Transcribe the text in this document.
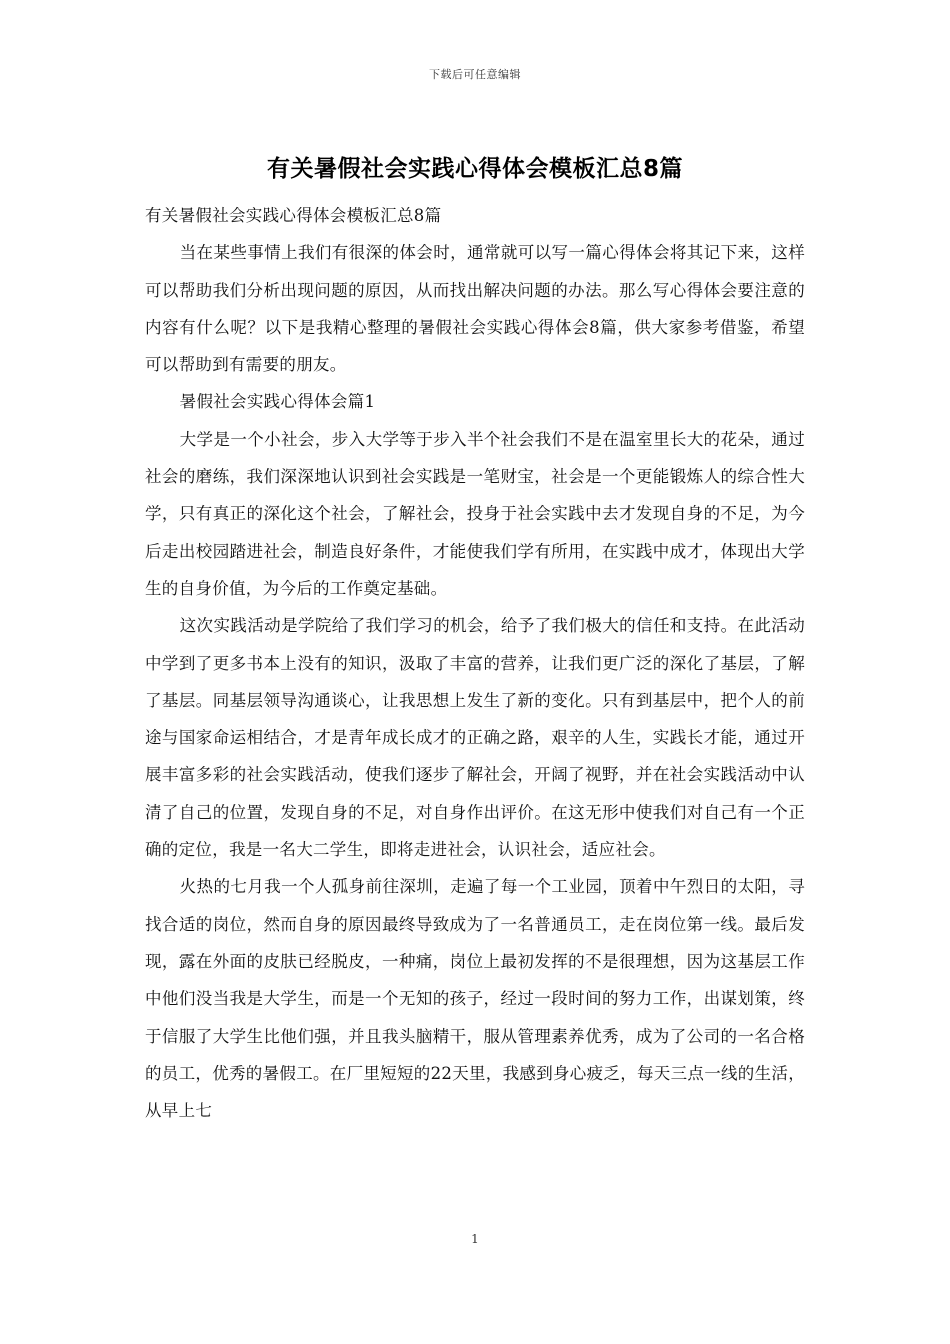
下载后可任意编辑
有关暑假社会实践心得体会模板汇总8篇

有关暑假社会实践心得体会模板汇总8篇

当在某些事情上我们有很深的体会时，通常就可以写一篇心得体会将其记下来，这样可以帮助我们分析出现问题的原因，从而找出解决问题的办法。那么写心得体会要注意的内容有什么呢？以下是我精心整理的暑假社会实践心得体会8篇，供大家参考借鉴，希望可以帮助到有需要的朋友。

暑假社会实践心得体会篇1

大学是一个小社会，步入大学等于步入半个社会我们不是在温室里长大的花朵，通过社会的磨练，我们深深地认识到社会实践是一笔财宝，社会是一个更能锻炼人的综合性大学，只有真正的深化这个社会，了解社会，投身于社会实践中去才发现自身的不足，为今后走出校园踏进社会，制造良好条件，才能使我们学有所用，在实践中成才，体现出大学生的自身价值，为今后的工作奠定基础。

这次实践活动是学院给了我们学习的机会，给予了我们极大的信任和支持。在此活动中学到了更多书本上没有的知识，汲取了丰富的营养，让我们更广泛的深化了基层，了解了基层。同基层领导沟通谈心，让我思想上发生了新的变化。只有到基层中，把个人的前途与国家命运相结合，才是青年成长成才的正确之路，艰辛的人生，实践长才能，通过开展丰富多彩的社会实践活动，使我们逐步了解社会，开阔了视野，并在社会实践活动中认清了自己的位置，发现自身的不足，对自身作出评价。在这无形中使我们对自己有一个正确的定位，我是一名大二学生，即将走进社会，认识社会，适应社会。

火热的七月我一个人孤身前往深圳，走遍了每一个工业园，顶着中午烈日的太阳，寻找合适的岗位，然而自身的原因最终导致成为了一名普通员工，走在岗位第一线。最后发现，露在外面的皮肤已经脱皮，一种痛，岗位上最初发挥的不是很理想，因为这基层工作中他们没当我是大学生，而是一个无知的孩子，经过一段时间的努力工作，出谋划策，终于信服了大学生比他们强，并且我头脑精干，服从管理素养优秀，成为了公司的一名合格的员工，优秀的暑假工。在厂里短短的22天里，我感到身心疲乏，每天三点一线的生活，从早上七

1
